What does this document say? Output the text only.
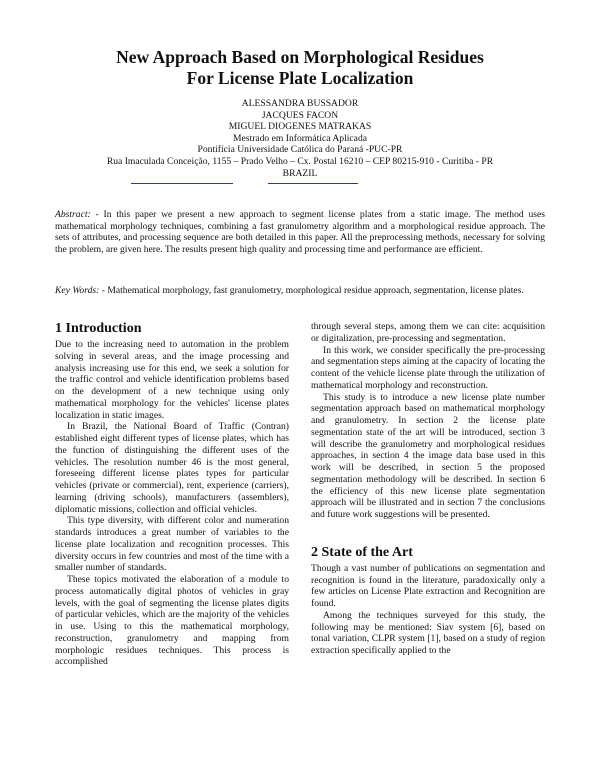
New Approach Based on Morphological Residues
For License Plate Localization
ALESSANDRA BUSSADOR
JACQUES FACON
MIGUEL DIOGENES MATRAKAS
Mestrado em Informática Aplicada
Pontifícia Universidade Católica do Paraná -PUC-PR
Rua Imaculada Conceição, 1155 – Prado Velho – Cx. Postal 16210 – CEP 80215-910 - Curitiba - PR
BRAZIL
Abstract: - In this paper we present a new approach to segment license plates from a static image. The method uses mathematical morphology techniques, combining a fast granulometry algorithm and a morphological residue approach. The sets of attributes, and processing sequence are both detailed in this paper. All the preprocessing methods, necessary for solving the problem, are given here. The results present high quality and processing time and performance are efficient.
Key Words: - Mathematical morphology, fast granulometry, morphological residue approach, segmentation, license plates.
1 Introduction

Due to the increasing need to automation in the problem solving in several areas, and the image processing and analysis increasing use for this end, we seek a solution for the traffic control and vehicle identification problems based on the development of a new technique using only mathematical morphology for the vehicles' license plates localization in static images.

In Brazil, the National Board of Traffic (Contran) established eight different types of license plates, which has the function of distinguishing the different uses of the vehicles. The resolution number 46 is the most general, foreseeing different license plates types for particular vehicles (private or commercial), rent, experience (carriers), learning (driving schools), manufacturers (assemblers), diplomatic missions, collection and official vehicles.

This type diversity, with different color and numeration standards introduces a great number of variables to the license plate localization and recognition processes. This diversity occurs in few countries and most of the time with a smaller number of standards.

These topics motivated the elaboration of a module to process automatically digital photos of vehicles in gray levels, with the goal of segmenting the license plates digits of particular vehicles, which are the majority of the vehicles in use. Using to this the mathematical morphology, reconstruction, granulometry and mapping from morphologic residues techniques. This process is accomplished

through several steps, among them we can cite: acquisition or digitalization, pre-processing and segmentation.

In this work, we consider specifically the pre-processing and segmentation steps aiming at the capacity of locating the content of the vehicle license plate through the utilization of mathematical morphology and reconstruction.

This study is to introduce a new license plate number segmentation approach based on mathematical morphology and granulometry. In section 2 the license plate segmentation state of the art will be introduced, section 3 will describe the granulometry and morphological residues approaches, in section 4 the image data base used in this work will be described, in section 5 the proposed segmentation methodology will be described. In section 6 the efficiency of this new license plate segmentation approach will be illustrated and in section 7 the conclusions and future work suggestions will be presented.

2 State of the Art

Though a vast number of publications on segmentation and recognition is found in the literature, paradoxically only a few articles on License Plate extraction and Recognition are found.

Among the techniques surveyed for this study, the following may be mentioned: Siav system [6], based on tonal variation, CLPR system [1], based on a study of region extraction specifically applied to the
